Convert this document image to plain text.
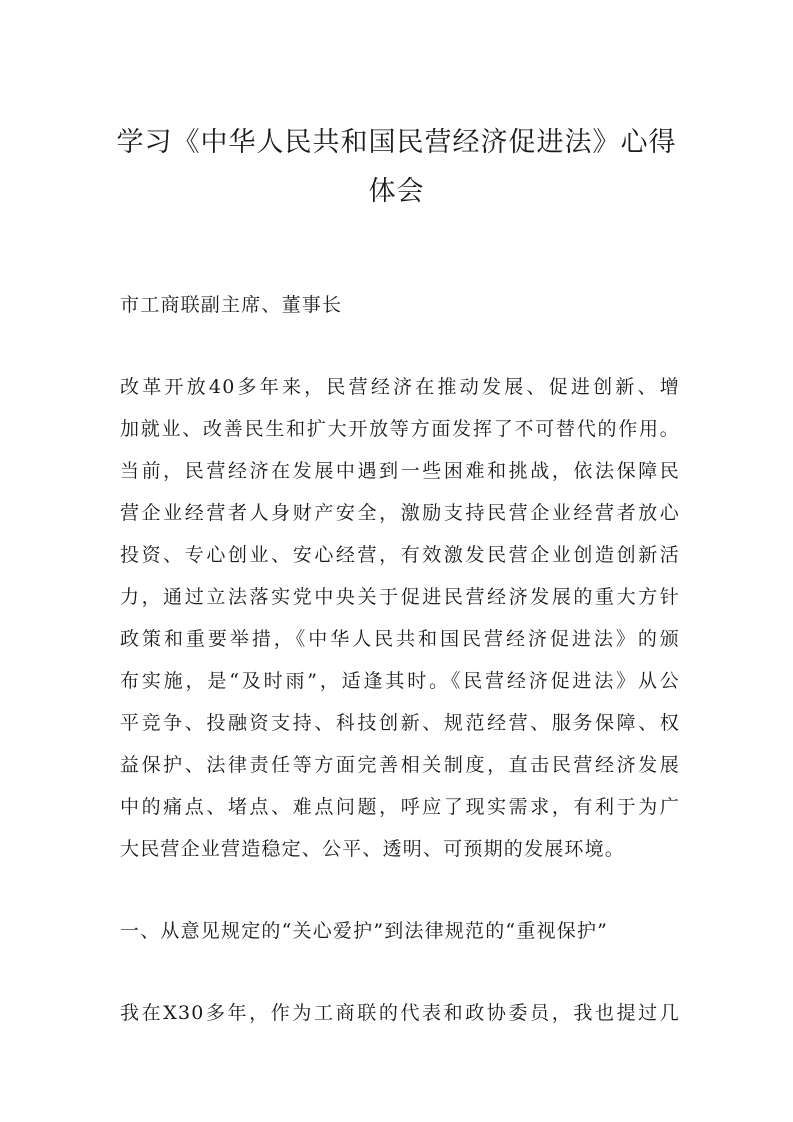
学习《中华人民共和国民营经济促进法》心得体会

市工商联副主席、董事长

改革开放40多年来，民营经济在推动发展、促进创新、增

加就业、改善民生和扩大开放等方面发挥了不可替代的作用。

当前，民营经济在发展中遇到一些困难和挑战，依法保障民

营企业经营者人身财产安全，激励支持民营企业经营者放心

投资、专心创业、安心经营，有效激发民营企业创造创新活

力，通过立法落实党中央关于促进民营经济发展的重大方针

政策和重要举措，《中华人民共和国民营经济促进法》的颁

布实施，是“及时雨”，适逢其时。《民营经济促进法》从公

平竞争、投融资支持、科技创新、规范经营、服务保障、权

益保护、法律责任等方面完善相关制度，直击民营经济发展

中的痛点、堵点、难点问题，呼应了现实需求，有利于为广

大民营企业营造稳定、公平、透明、可预期的发展环境。

一、从意见规定的“关心爱护”到法律规范的“重视保护”

我在X30多年，作为工商联的代表和政协委员，我也提过几
